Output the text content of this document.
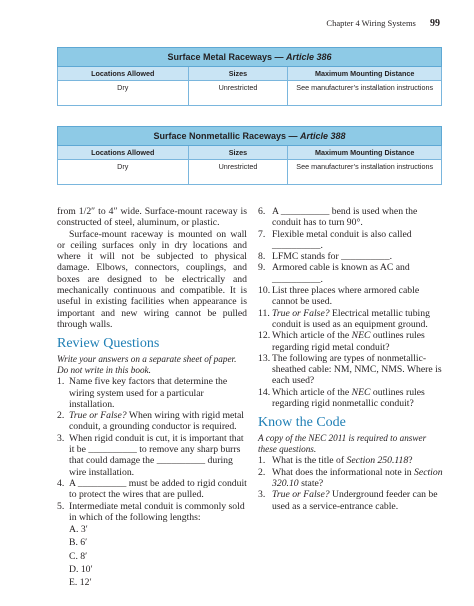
Chapter 4 Wiring Systems 99
Surface Metal Raceways — Article 386		
Locations Allowed	Sizes	Maximum Mounting Distance
Dry	Unrestricted	See manufacturer’s installation instructions
Surface Nonmetallic Raceways — Article 388		
Locations Allowed	Sizes	Maximum Mounting Distance
Dry	Unrestricted	See manufacturer’s installation instructions

from 1/2″ to 4″ wide. Surface-mount raceway is constructed of steel, aluminum, or plastic.

Surface-mount raceway is mounted on wall or ceiling surfaces only in dry locations and where it will not be subjected to physical damage. Elbows, connectors, couplings, and boxes are designed to be electrically and mechanically continuous and compatible. It is useful in existing facilities when appearance is important and new wiring cannot be pulled through walls.

Review Questions

Write your answers on a separate sheet of paper. Do not write in this book.

1. Name five key factors that determine the wiring system used for a particular installation.
2. True or False? When wiring with rigid metal conduit, a grounding conductor is required.
3. When rigid conduit is cut, it is important that it be __________ to remove any sharp burrs that could damage the __________ during wire installation.
4. A __________ must be added to rigid conduit to protect the wires that are pulled.
5. Intermediate metal conduit is commonly sold in which of the following lengths:
A. 3′
B. 6′
C. 8′
D. 10′
E. 12′
6. A __________ bend is used when the conduit has to turn 90°.
7. Flexible metal conduit is also called __________.
8. LFMC stands for __________.
9. Armored cable is known as AC and __________.
10. List three places where armored cable cannot be used.
11. True or False? Electrical metallic tubing conduit is used as an equipment ground.
12. Which article of the NEC outlines rules regarding rigid metal conduit?
13. The following are types of nonmetallic-sheathed cable: NM, NMC, NMS. Where is each used?
14. Which article of the NEC outlines rules regarding rigid nonmetallic conduit?
Know the Code

A copy of the NEC 2011 is required to answer these questions.

1. What is the title of Section 250.118?
2. What does the informational note in Section 320.10 state?
3. True or False? Underground feeder can be used as a service-entrance cable.
